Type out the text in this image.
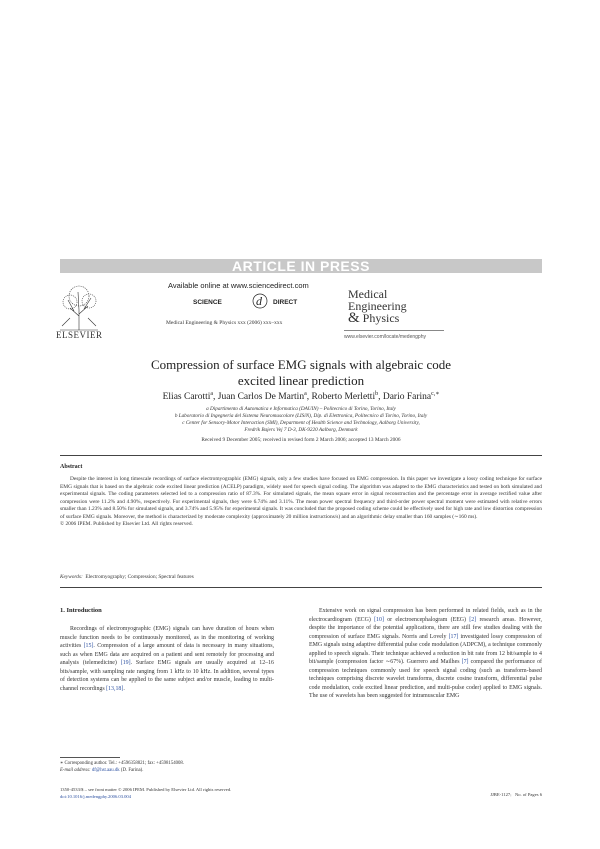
ARTICLE IN PRESS
ELSEVIER
Available online at www.sciencedirect.com
SCIENCE	d DIRECT
Medical Engineering & Physics xxx (2006) xxx–xxx
Medical
Engineering
& Physics
www.elsevier.com/locate/medengphy
Compression of surface EMG signals with algebraic code
excited linear prediction
Elias Carotti$^a$, Juan Carlos De Martin$^a$, Roberto Merletti$^b$, Dario Farina$^{c,∗}$
a Dipartimento di Automatica e Informatica (DAUIN) – Politecnico di Torino, Torino, Italy
b Laboratorio di Ingegneria del Sistema Neuromuscolare (LISiN), Dip. di Elettronica, Politecnico di Torino, Torino, Italy
c Center for Sensory-Motor Interaction (SMI), Department of Health Science and Technology, Aalborg University,
Fredrik Bajers Vej 7 D-3, DK-9220 Aalborg, Denmark
Received 9 December 2005; received in revised form 2 March 2006; accepted 13 March 2006
Abstract
Despite the interest in long timescale recordings of surface electromyographic (EMG) signals, only a few studies have focused on EMG compression. In this paper we investigate a lossy coding technique for surface EMG signals that is based on the algebraic code excited linear prediction (ACELP) paradigm, widely used for speech signal coding. The algorithm was adapted to the EMG characteristics and tested on both simulated and experimental signals. The coding parameters selected led to a compression ratio of 87.3%. For simulated signals, the mean square error in signal reconstruction and the percentage error in average rectified value after compression were 11.2% and 4.90%, respectively. For experimental signals, they were 6.74% and 3.11%. The mean power spectral frequency and third-order power spectral moment were estimated with relative errors smaller than 1.23% and 8.50% for simulated signals, and 3.74% and 5.95% for experimental signals. It was concluded that the proposed coding scheme could be effectively used for high rate and low distortion compression of surface EMG signals. Moreover, the method is characterized by moderate complexity (approximately 20 million instructions/s) and an algorithmic delay smaller than 160 samples (∼160 ms).
© 2006 IPEM. Published by Elsevier Ltd. All rights reserved.
Keywords: Electromyography; Compression; Spectral features
1. Introduction
Recordings of electromyographic (EMG) signals can have duration of hours when muscle function needs to be continuously monitored, as in the monitoring of working activities [15]. Compression of a large amount of data is necessary in many situations, such as when EMG data are acquired on a patient and sent remotely for processing and analysis (telemedicine) [19]. Surface EMG signals are usually acquired at 12–16 bits/sample, with sampling rate ranging from 1 kHz to 10 kHz. In addition, several types of detection systems can be applied to the same subject and/or muscle, leading to multi-channel recordings [13,18].
Extensive work on signal compression has been performed in related fields, such as in the electrocardiogram (ECG) [10] or electroencephalogram (EEG) [2] research areas. However, despite the importance of the potential applications, there are still few studies dealing with the compression of surface EMG signals. Norris and Lovely [17] investigated lossy compression of EMG signals using adaptive differential pulse code modulation (ADPCM), a technique commonly applied to speech signals. Their technique achieved a reduction in bit rate from 12 bit/sample to 4 bit/sample (compression factor ∼67%). Guerrero and Mailhes [7] compared the performance of compression techniques commonly used for speech signal coding (such as transform-based techniques comprising discrete wavelet transforms, discrete cosine transform, differential pulse code modulation, code excited linear prediction, and multi-pulse coder) applied to EMG signals. The use of wavelets has been suggested for intramuscular EMG
∗ Corresponding author. Tel.: +4596358821; fax: +4598154008.
E-mail address: df@hst.aau.dk (D. Farina).
1350-4533/$ – see front matter © 2006 IPEM. Published by Elsevier Ltd. All rights reserved.
doi:10.1016/j.medengphy.2006.03.004	JJBE-1127; No. of Pages 6
